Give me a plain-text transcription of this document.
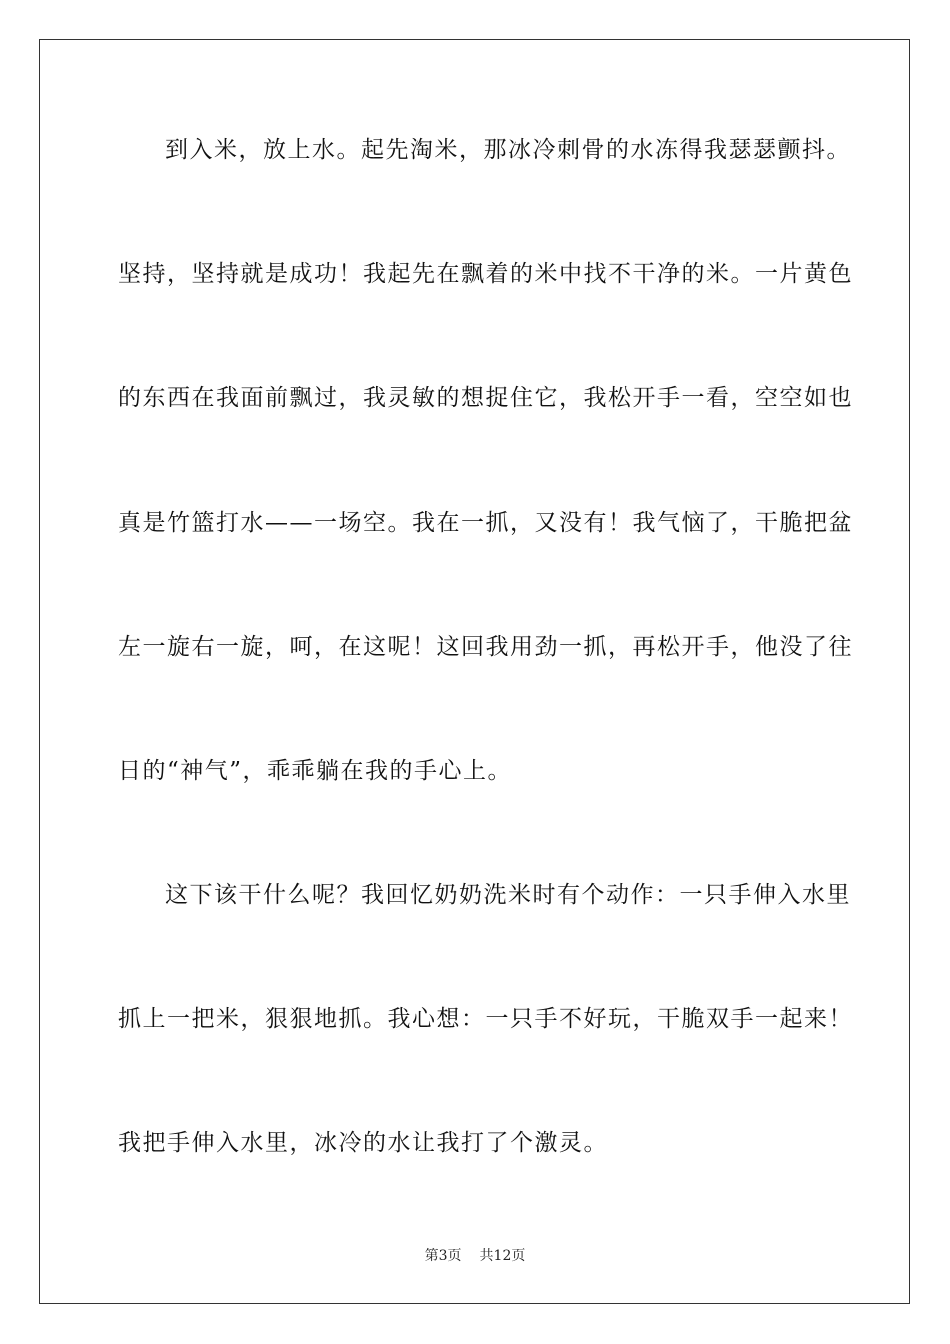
到入米，放上水。起先淘米，那冰冷刺骨的水冻得我瑟瑟颤抖。
坚持，坚持就是成功！我起先在飘着的米中找不干净的米。一片黄色
的东西在我面前飘过，我灵敏的想捉住它，我松开手一看，空空如也
真是竹篮打水——一场空。我在一抓，又没有！我气恼了，干脆把盆
左一旋右一旋，呵，在这呢！这回我用劲一抓，再松开手，他没了往
日的“神气”，乖乖躺在我的手心上。
这下该干什么呢？我回忆奶奶洗米时有个动作：一只手伸入水里
抓上一把米，狠狠地抓。我心想：一只手不好玩，干脆双手一起来！
我把手伸入水里，冰冷的水让我打了个激灵。
第3页 共12页
